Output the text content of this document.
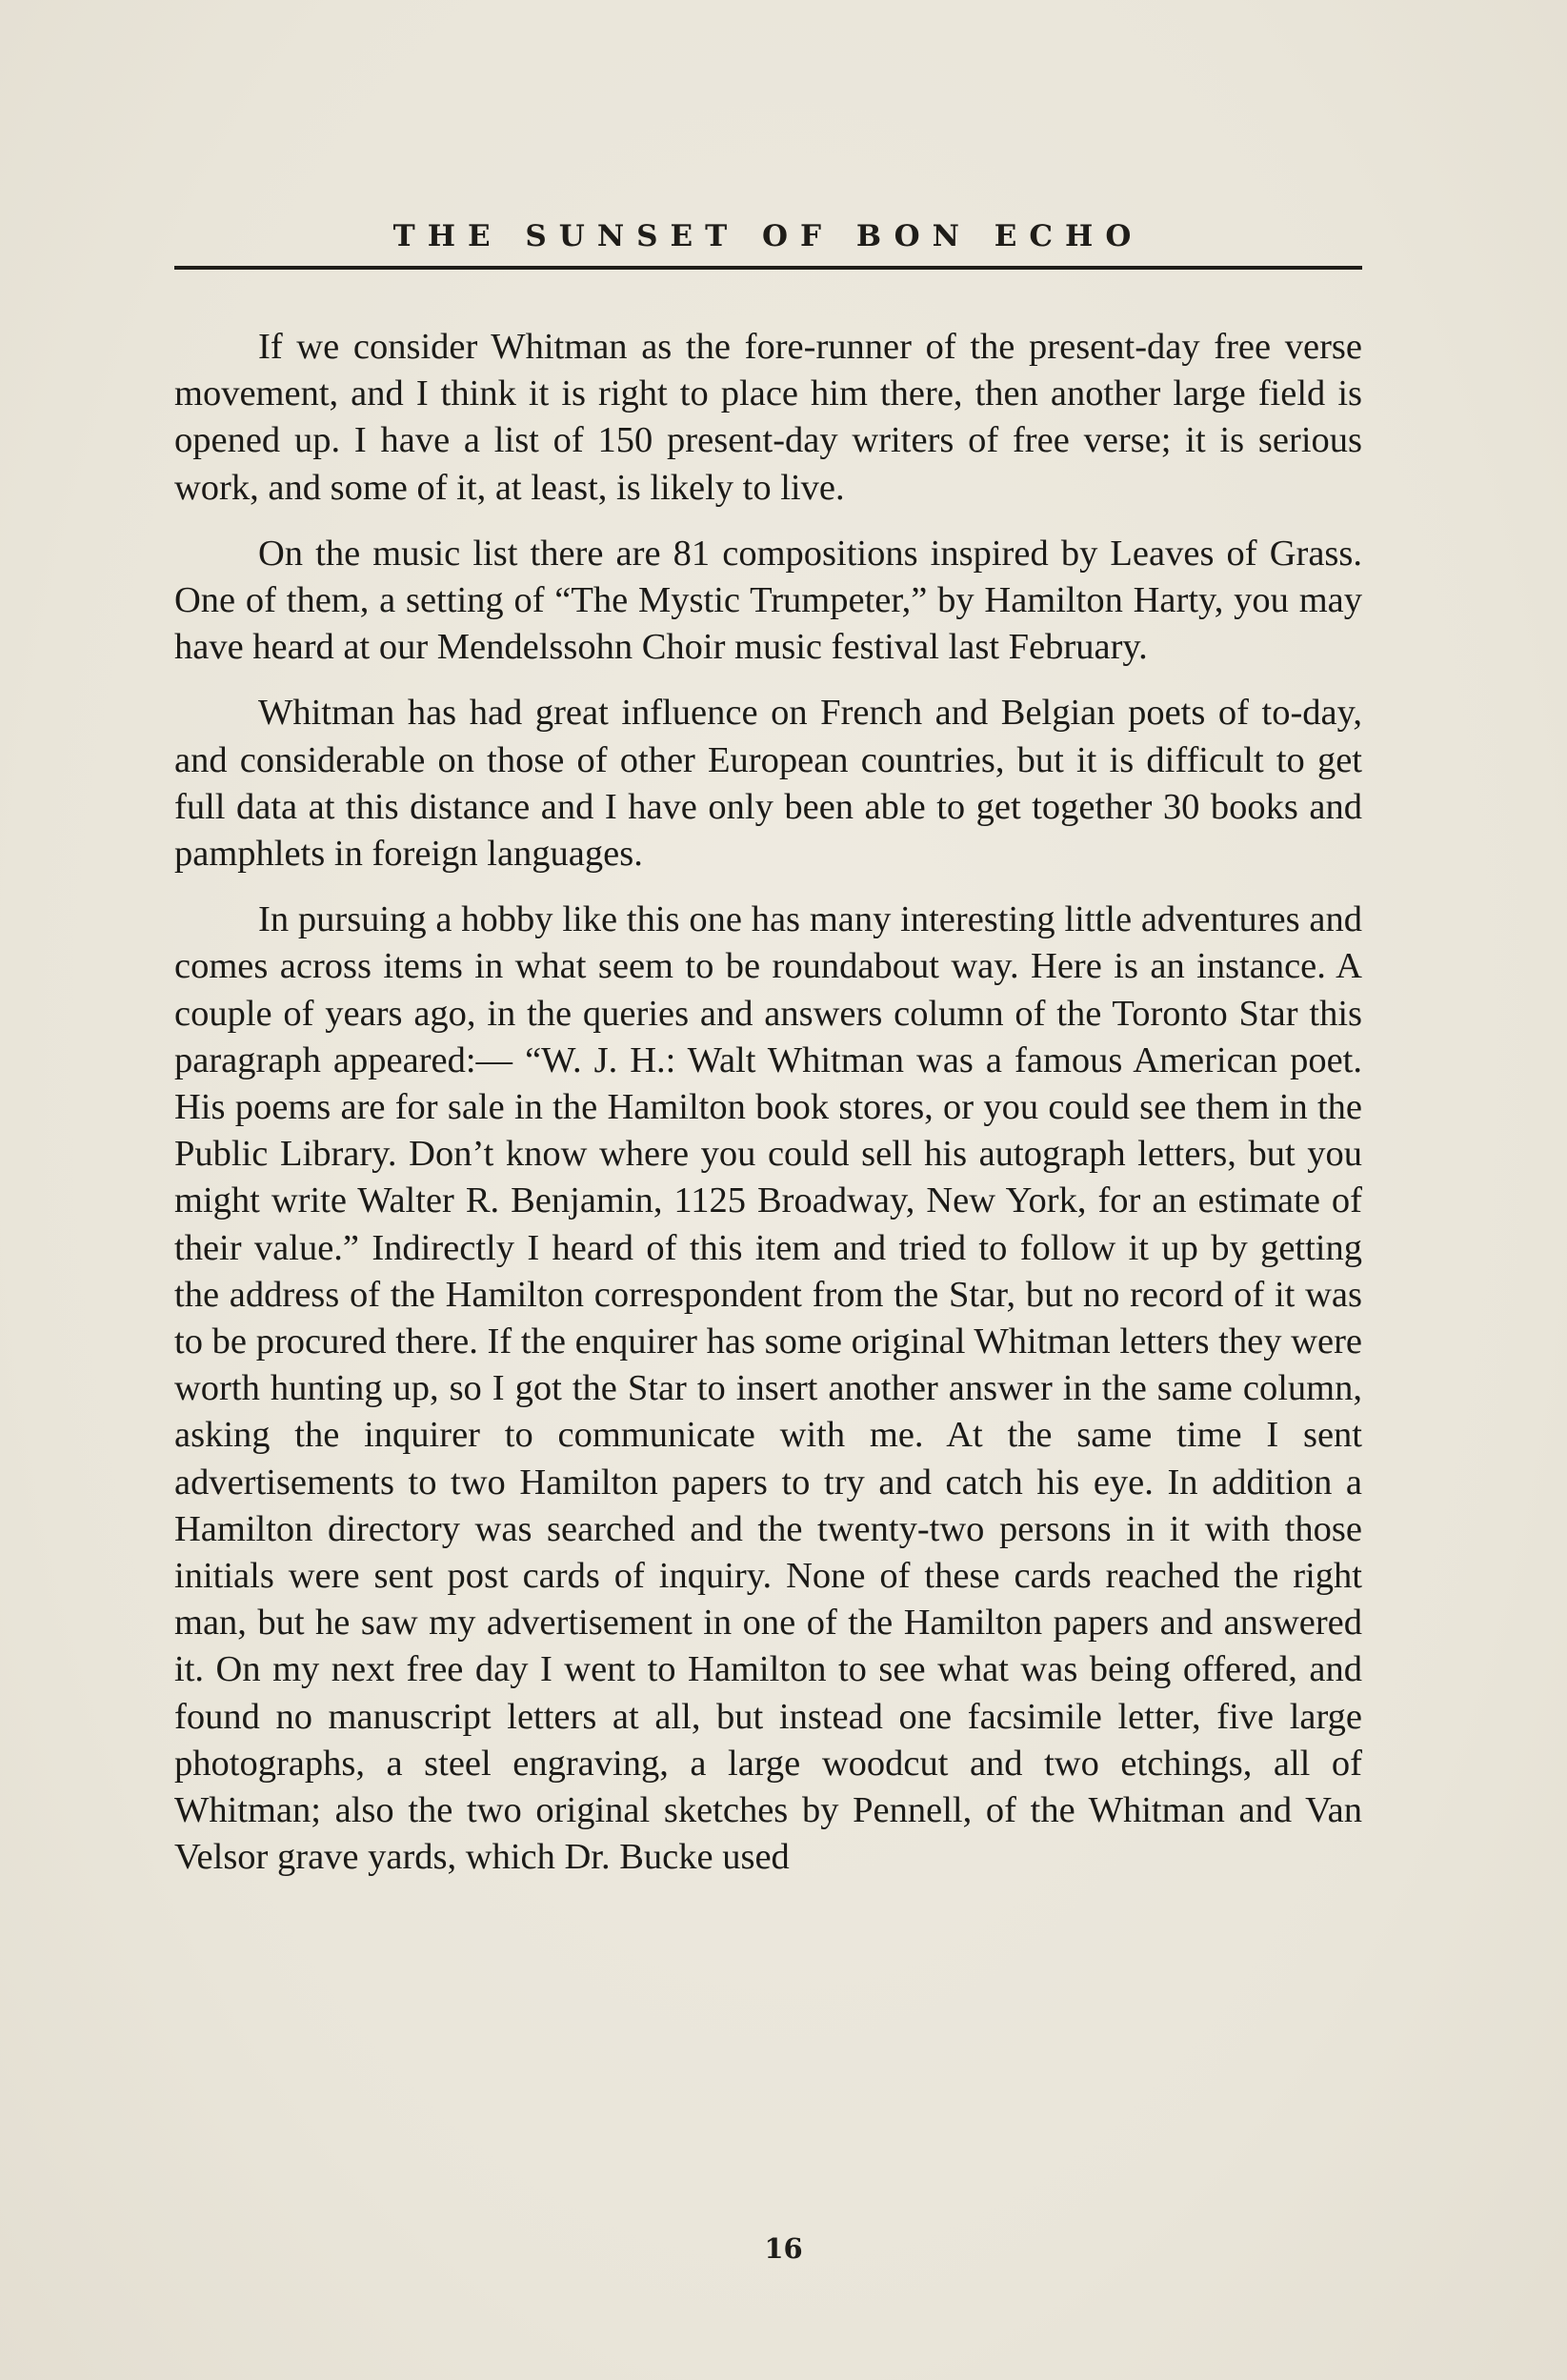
THE SUNSET OF BON ECHO

If we consider Whitman as the fore-runner of the present-day free verse movement, and I think it is right to place him there, then another large field is opened up. I have a list of 150 present-day writers of free verse; it is serious work, and some of it, at least, is likely to live.

On the music list there are 81 compositions inspired by Leaves of Grass. One of them, a setting of “The Mystic Trumpeter,” by Hamilton Harty, you may have heard at our Mendelssohn Choir music festival last February.

Whitman has had great influence on French and Belgian poets of to-day, and considerable on those of other European countries, but it is difficult to get full data at this distance and I have only been able to get together 30 books and pamphlets in foreign languages.

In pursuing a hobby like this one has many interesting little adventures and comes across items in what seem to be roundabout way. Here is an instance. A couple of years ago, in the queries and answers column of the Toronto Star this paragraph appeared:— “W. J. H.: Walt Whitman was a famous American poet. His poems are for sale in the Hamilton book stores, or you could see them in the Public Library. Don’t know where you could sell his autograph letters, but you might write Walter R. Benjamin, 1125 Broadway, New York, for an estimate of their value.” Indirectly I heard of this item and tried to follow it up by getting the address of the Hamilton correspondent from the Star, but no record of it was to be procured there. If the enquirer has some original Whitman letters they were worth hunting up, so I got the Star to insert another answer in the same column, asking the inquirer to communicate with me. At the same time I sent advertisements to two Hamilton papers to try and catch his eye. In addition a Hamilton directory was searched and the twenty-two persons in it with those initials were sent post cards of inquiry. None of these cards reached the right man, but he saw my advertisement in one of the Hamilton papers and answered it. On my next free day I went to Hamilton to see what was being offered, and found no manuscript letters at all, but instead one facsimile letter, five large photographs, a steel engraving, a large woodcut and two etchings, all of Whitman; also the two original sketches by Pennell, of the Whitman and Van Velsor grave yards, which Dr. Bucke used

16
